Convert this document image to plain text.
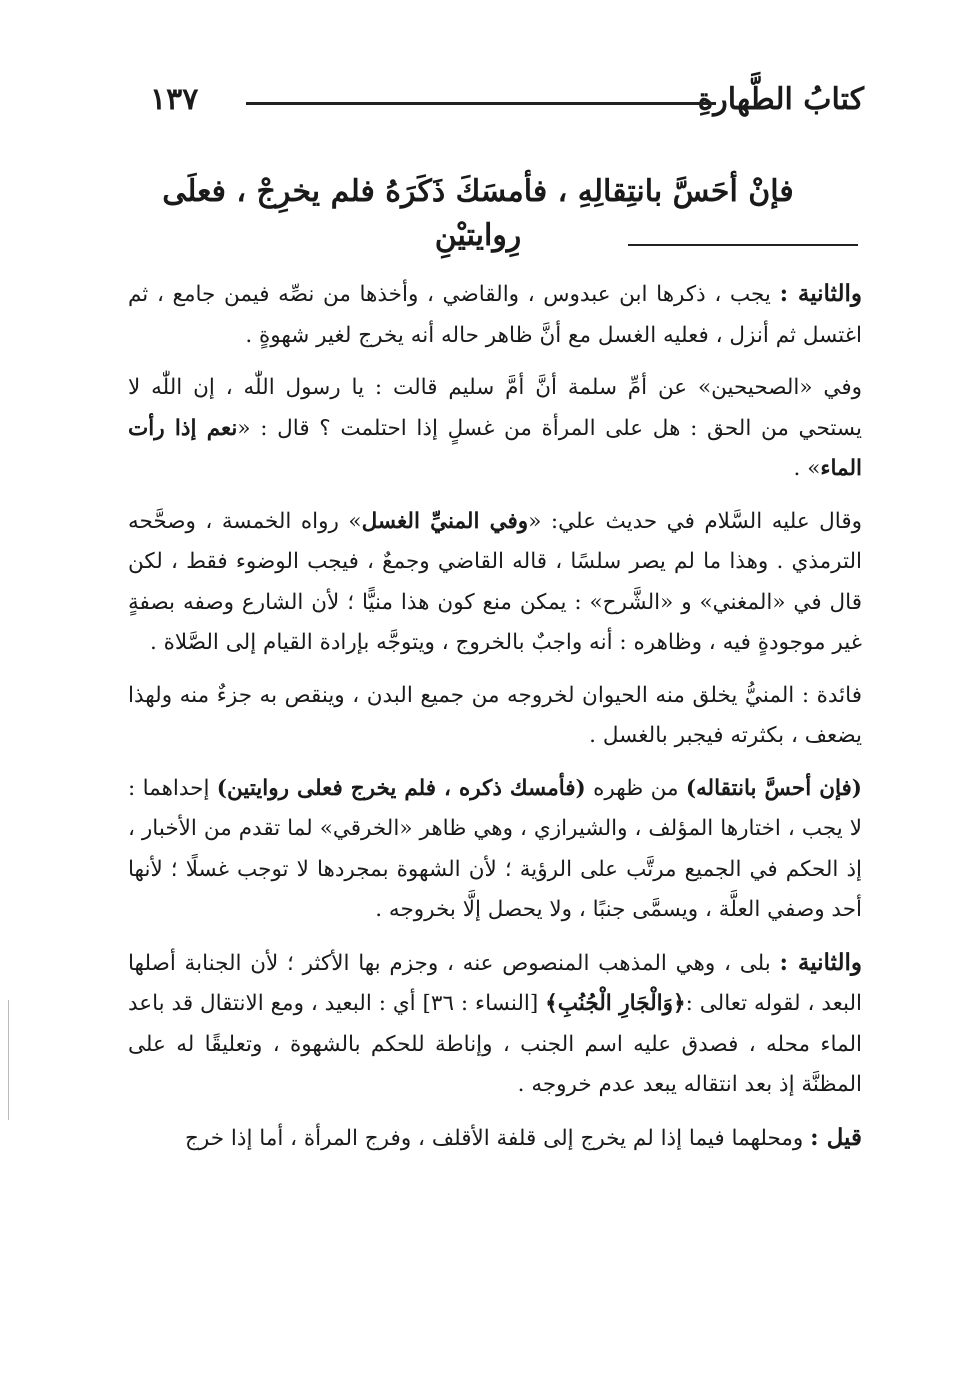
كتابُ الطَّهارةِ
١٣٧
فإنْ أحَسَّ بانتِقالِهِ ، فأمسَكَ ذَكَرَهُ فلم يخرِجْ ، فعلَى رِوايتيْنِ

والثانية : يجب ، ذكرها ابن عبدوس ، والقاضي ، وأخذها من نصِّه فيمن جامع ، ثم اغتسل ثم أنزل ، فعليه الغسل مع أنَّ ظاهر حاله أنه يخرج لغير شهوةٍ .

وفي «الصحيحين» عن أمِّ سلمة أنَّ أمَّ سليم قالت : يا رسول اللّٰه ، إن اللّٰه لا يستحي من الحق : هل على المرأة من غسلٍ إذا احتلمت ؟ قال : «نعم إذا رأت الماء» .

وقال عليه السَّلام في حديث علي: «وفي المنيِّ الغسل» رواه الخمسة ، وصحَّحه الترمذي . وهذا ما لم يصر سلسًا ، قاله القاضي وجمعٌ ، فيجب الوضوء فقط ، لكن قال في «المغني» و «الشَّرح» : يمكن منع كون هذا منيًّا ؛ لأن الشارع وصفه بصفةٍ غير موجودةٍ فيه ، وظاهره : أنه واجبٌ بالخروج ، ويتوجَّه بإرادة القيام إلى الصَّلاة .

فائدة : المنيُّ يخلق منه الحيوان لخروجه من جميع البدن ، وينقص به جزءٌ منه ولهذا يضعف ، بكثرته فيجبر بالغسل .

(فإن أحسَّ بانتقاله) من ظهره (فأمسك ذكره ، فلم يخرج فعلى روايتين) إحداهما : لا يجب ، اختارها المؤلف ، والشيرازي ، وهي ظاهر «الخرقي» لما تقدم من الأخبار ، إذ الحكم في الجميع مرتَّب على الرؤية ؛ لأن الشهوة بمجردها لا توجب غسلًا ؛ لأنها أحد وصفي العلَّة ، ويسمَّى جنبًا ، ولا يحصل إلَّا بخروجه .

والثانية : بلى ، وهي المذهب المنصوص عنه ، وجزم بها الأكثر ؛ لأن الجنابة أصلها البعد ، لقوله تعالى :﴿وَالْجَارِ الْجُنُبِ﴾ [النساء : ٣٦] أي : البعيد ، ومع الانتقال قد باعد الماء محله ، فصدق عليه اسم الجنب ، وإناطة للحكم بالشهوة ، وتعليقًا له على المظنَّة إذ بعد انتقاله يبعد عدم خروجه .

قيل : ومحلهما فيما إذا لم يخرج إلى قلفة الأقلف ، وفرج المرأة ، أما إذا خرج
